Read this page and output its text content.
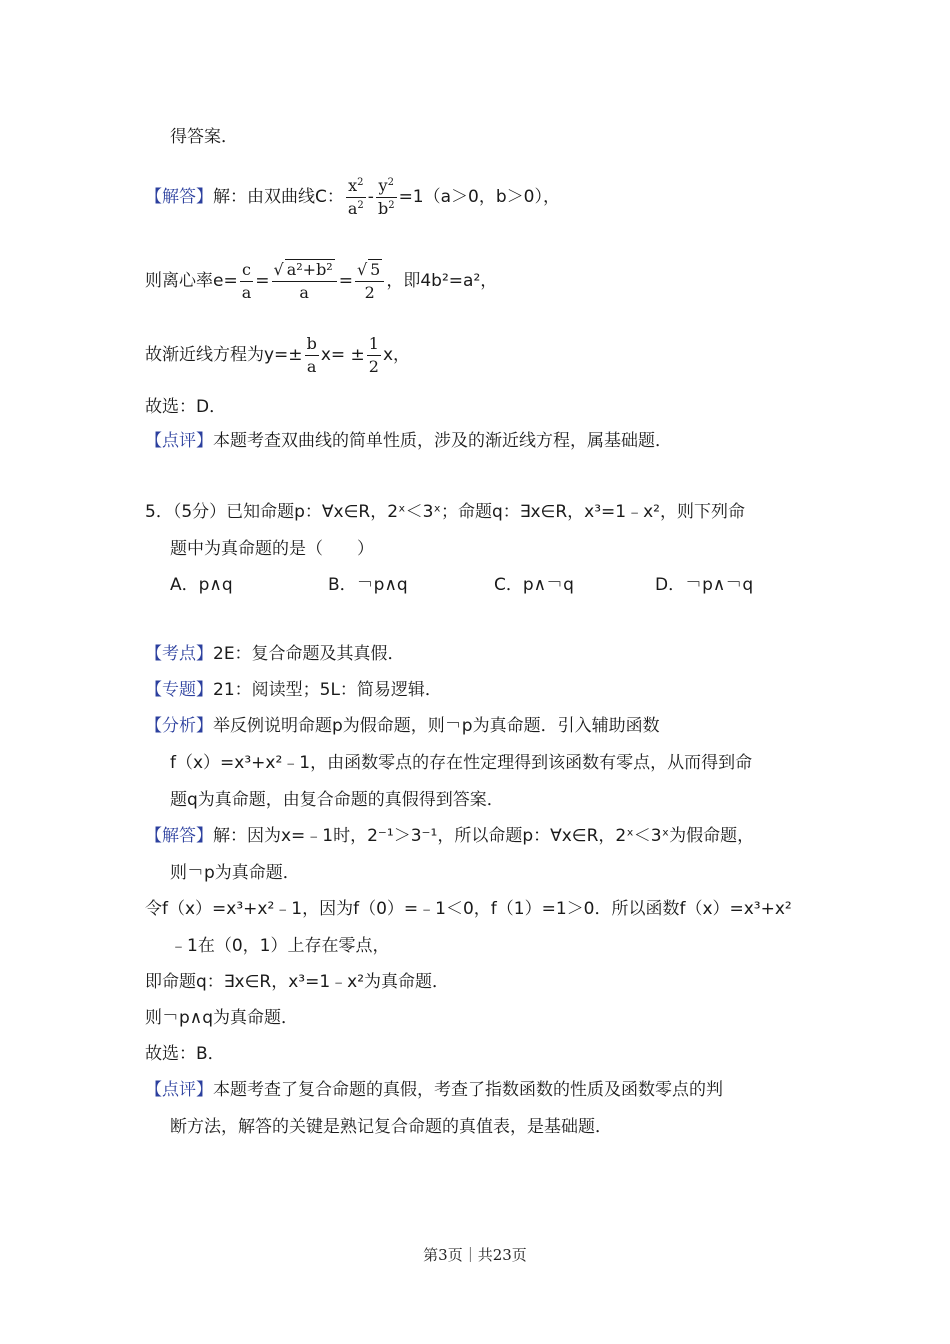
得答案．
【解答】解：由双曲线C： $\frac{x^2}{a^2} - \frac{y^2}{b^2} =1(a>0$，b＞0），
则离心率$e= \frac{c}{a} = \frac{\text{√ a²+b²}}{a} = \frac{√ 5}{2}$ ，即4b²=a²，
故渐近线方程为$y=\pm \frac{b}{a} x= \pm \frac{1}{2}$ x，
故选：D．
【点评】本题考查双曲线的简单性质，涉及的渐近线方程，属基础题．
5．（5分）已知命题p：∀x∈R，2ˣ＜3ˣ；命题q：∃x∈R，x³=1﹣x²，则下列命
题中为真命题的是（　　）
A．p∧q	B．￢p∧q	C．p∧￢q	D．￢p∧￢q
【考点】2E：复合命题及其真假．
【专题】21：阅读型；5L：简易逻辑．
【分析】举反例说明命题p为假命题，则￢p为真命题．引入辅助函数
f（x）=x³+x²﹣1，由函数零点的存在性定理得到该函数有零点，从而得到命
题q为真命题，由复合命题的真假得到答案．
【解答】解：因为x=﹣1时，2⁻¹＞3⁻¹，所以命题p：∀x∈R，2ˣ＜3ˣ为假命题，
则￢p为真命题．
令f（x）=x³+x²﹣1，因为f（0）=﹣1＜0，f（1）=1＞0．所以函数f（x）=x³+x²
﹣1在（0，1）上存在零点，
即命题q：∃x∈R，x³=1﹣x²为真命题．
则￢p∧q为真命题．
故选：B．
【点评】本题考查了复合命题的真假，考查了指数函数的性质及函数零点的判
断方法，解答的关键是熟记复合命题的真值表，是基础题．
第3页｜共23页
